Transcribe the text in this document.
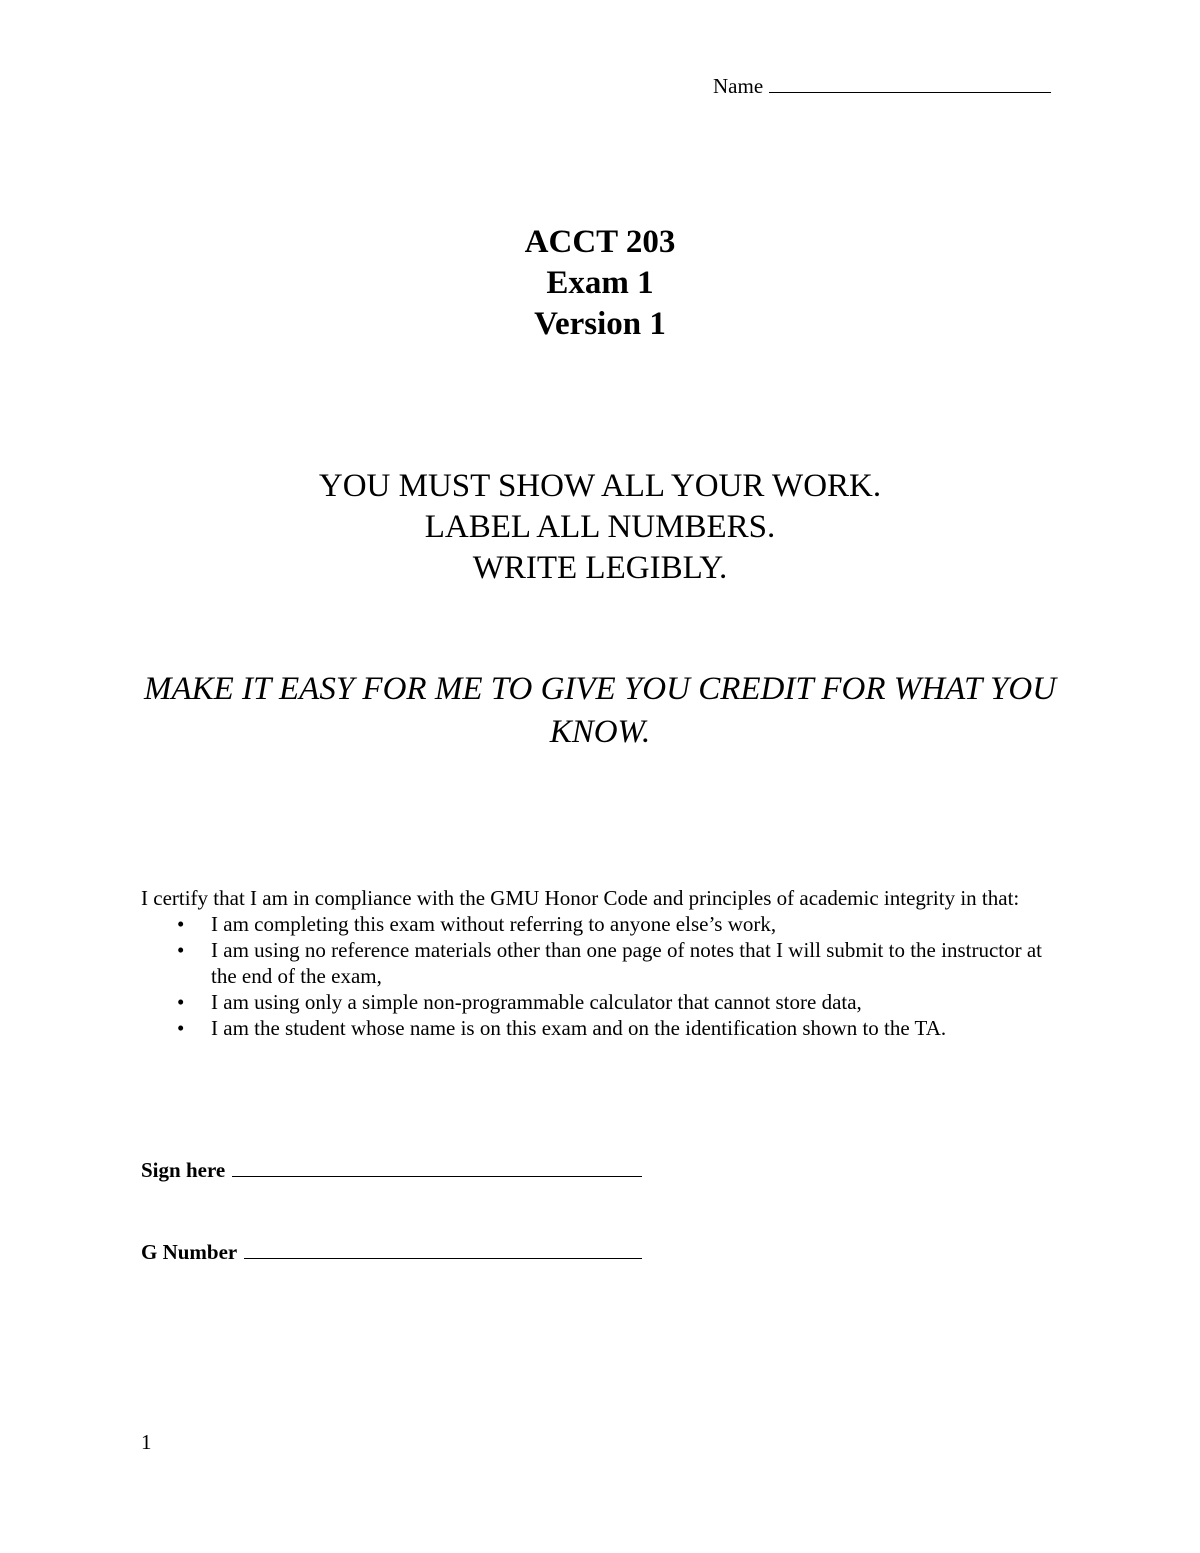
Name
ACCT 203
Exam 1
Version 1
YOU MUST SHOW ALL YOUR WORK.
LABEL ALL NUMBERS.
WRITE LEGIBLY.
MAKE IT EASY FOR ME TO GIVE YOU CREDIT FOR WHAT YOU KNOW.
I certify that I am in compliance with the GMU Honor Code and principles of academic integrity in that:
• I am completing this exam without referring to anyone else’s work,
• I am using no reference materials other than one page of notes that I will submit to the instructor at the end of the exam,
• I am using only a simple non-programmable calculator that cannot store data,
• I am the student whose name is on this exam and on the identification shown to the TA.
Sign here
G Number
1
